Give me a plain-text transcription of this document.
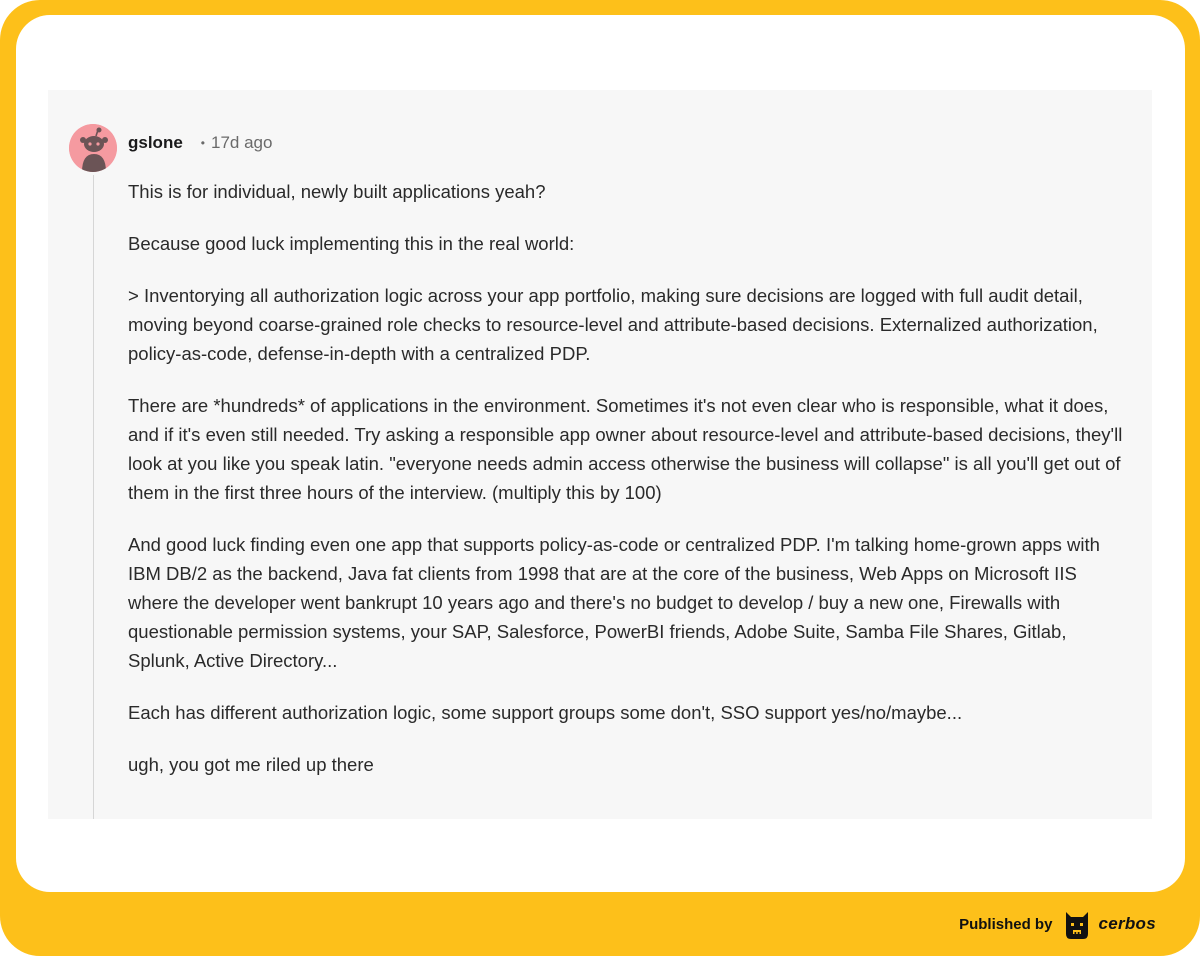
gslone • 17d ago

This is for individual, newly built applications yeah?

Because good luck implementing this in the real world:

> Inventorying all authorization logic across your app portfolio, making sure decisions are logged with full audit detail, moving beyond coarse-grained role checks to resource-level and attribute-based decisions. Externalized authorization, policy-as-code, defense-in-depth with a centralized PDP.

There are *hundreds* of applications in the environment. Sometimes it's not even clear who is responsible, what it does, and if it's even still needed. Try asking a responsible app owner about resource-level and attribute-based decisions, they'll look at you like you speak latin. "everyone needs admin access otherwise the business will collapse" is all you'll get out of them in the first three hours of the interview. (multiply this by 100)

And good luck finding even one app that supports policy-as-code or centralized PDP. I'm talking home-grown apps with IBM DB/2 as the backend, Java fat clients from 1998 that are at the core of the business, Web Apps on Microsoft IIS where the developer went bankrupt 10 years ago and there's no budget to develop / buy a new one, Firewalls with questionable permission systems, your SAP, Salesforce, PowerBI friends, Adobe Suite, Samba File Shares, Gitlab, Splunk, Active Directory...

Each has different authorization logic, some support groups some don't, SSO support yes/no/maybe...

ugh, you got me riled up there

Published by	cerbos
